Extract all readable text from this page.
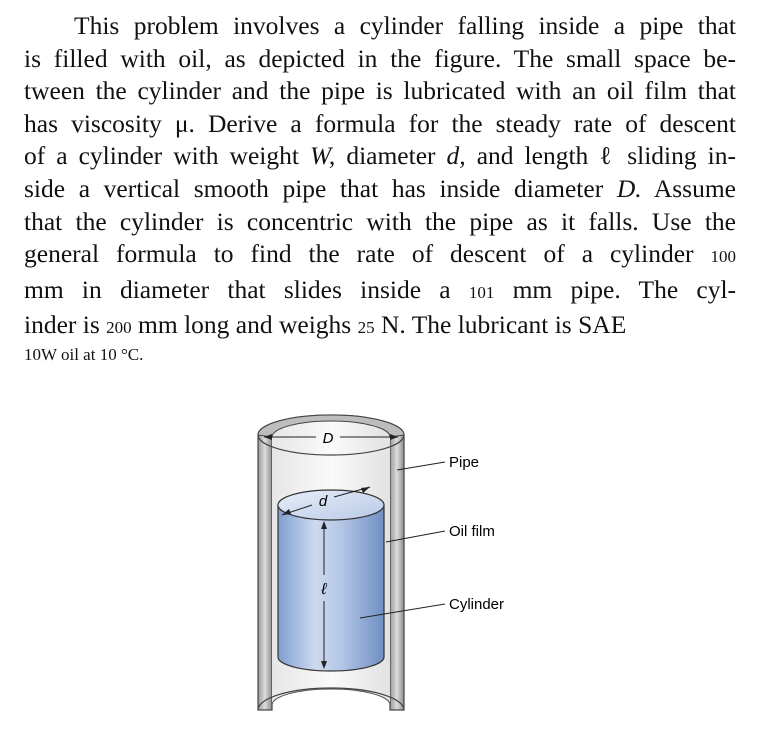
This problem involves a cylinder falling inside a pipe that
is filled with oil, as depicted in the figure. The small space be-
tween the cylinder and the pipe is lubricated with an oil film that
has viscosity μ. Derive a formula for the steady rate of descent
of a cylinder with weight W, diameter d, and length ℓ sliding in-
side a vertical smooth pipe that has inside diameter D. Assume
that the cylinder is concentric with the pipe as it falls. Use the
general formula to find the rate of descent of a cylinder 100
mm in diameter that slides inside a 101 mm pipe. The cyl-
inder is 200 mm long and weighs 25 N. The lubricant is SAE
10W oil at 10 °C.
D
d
ℓ
Pipe
Oil film
Cylinder
